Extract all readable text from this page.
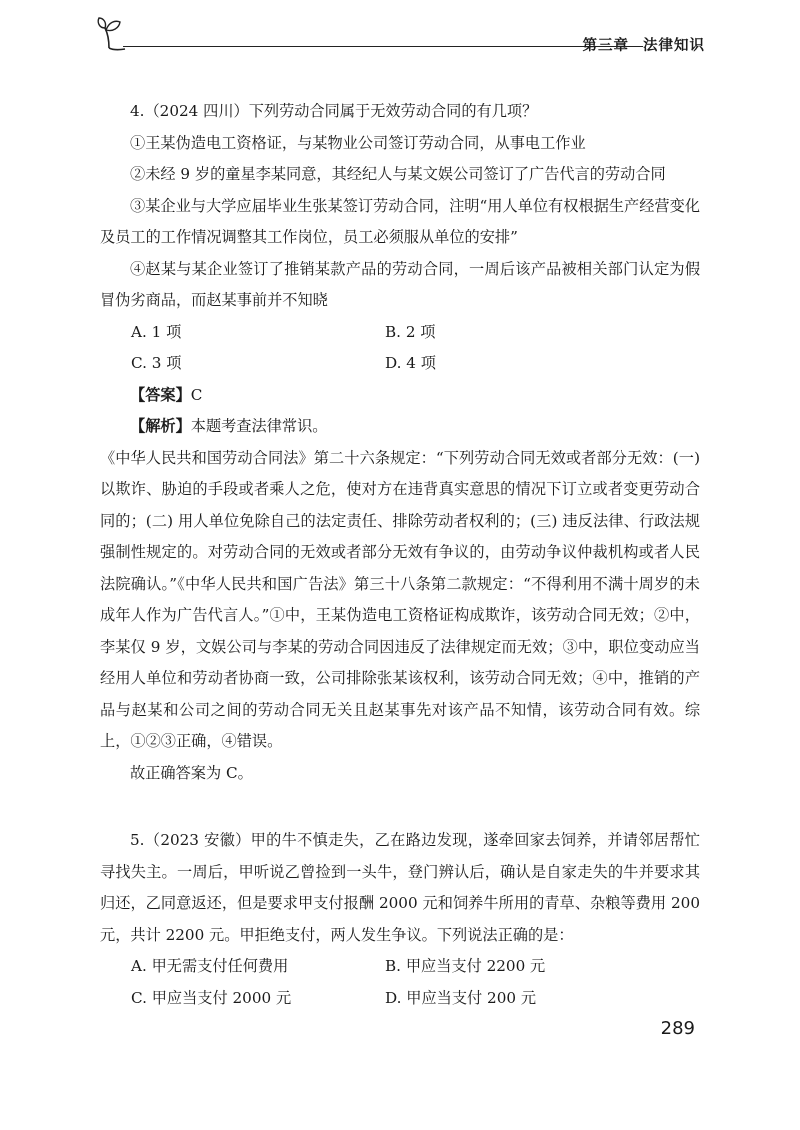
第三章 法律知识

4.（2024 四川）下列劳动合同属于无效劳动合同的有几项？

①王某伪造电工资格证，与某物业公司签订劳动合同，从事电工作业

②未经 9 岁的童星李某同意，其经纪人与某文娱公司签订了广告代言的劳动合同

③某企业与大学应届毕业生张某签订劳动合同，注明“用人单位有权根据生产经营变化及员工的工作情况调整其工作岗位，员工必须服从单位的安排”

④赵某与某企业签订了推销某款产品的劳动合同，一周后该产品被相关部门认定为假冒伪劣商品，而赵某事前并不知晓

A. 1 项	B. 2 项
C. 3 项	D. 4 项
【答案】C
【解析】本题考查法律常识。

《中华人民共和国劳动合同法》第二十六条规定：“下列劳动合同无效或者部分无效：(一) 以欺诈、胁迫的手段或者乘人之危，使对方在违背真实意思的情况下订立或者变更劳动合同的；(二) 用人单位免除自己的法定责任、排除劳动者权利的；(三) 违反法律、行政法规强制性规定的。对劳动合同的无效或者部分无效有争议的，由劳动争议仲裁机构或者人民法院确认。”《中华人民共和国广告法》第三十八条第二款规定：“不得利用不满十周岁的未成年人作为广告代言人。”①中，王某伪造电工资格证构成欺诈，该劳动合同无效；②中，李某仅 9 岁，文娱公司与李某的劳动合同因违反了法律规定而无效；③中，职位变动应当经用人单位和劳动者协商一致，公司排除张某该权利，该劳动合同无效；④中，推销的产品与赵某和公司之间的劳动合同无关且赵某事先对该产品不知情，该劳动合同有效。综上，①②③正确，④错误。

故正确答案为 C。

5.（2023 安徽）甲的牛不慎走失，乙在路边发现，遂牵回家去饲养，并请邻居帮忙寻找失主。一周后，甲听说乙曾捡到一头牛，登门辨认后，确认是自家走失的牛并要求其归还，乙同意返还，但是要求甲支付报酬 2000 元和饲养牛所用的青草、杂粮等费用 200 元，共计 2200 元。甲拒绝支付，两人发生争议。下列说法正确的是：

A. 甲无需支付任何费用	B. 甲应当支付 2200 元
C. 甲应当支付 2000 元	D. 甲应当支付 200 元
289
